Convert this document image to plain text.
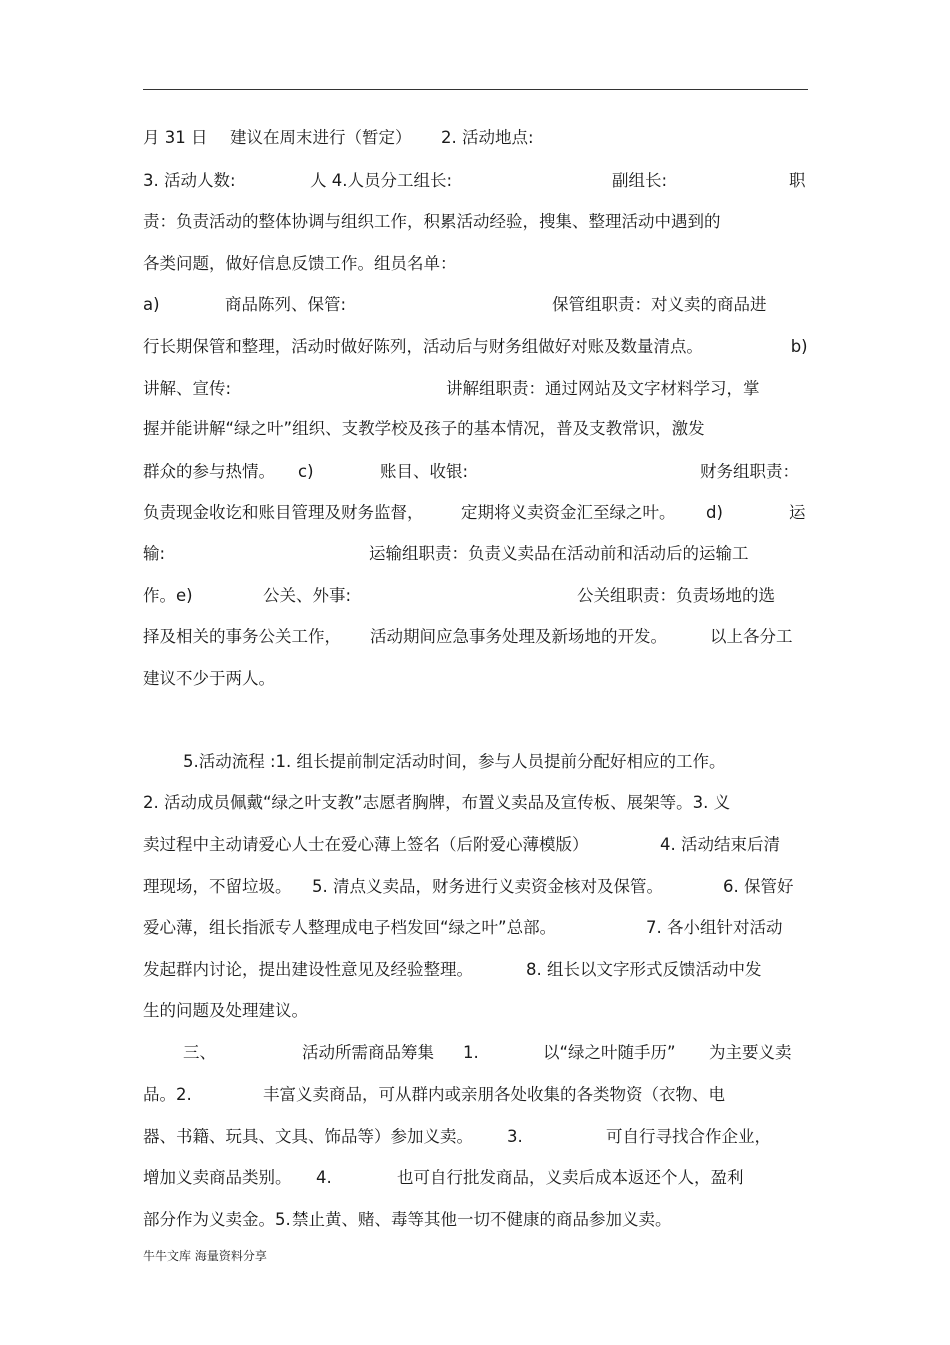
月 31 日 建议在周末进行（暂定） 2. 活动地点:
3. 活动人数:	人 4.人员分工组长:	副组长:	职
责：负责活动的整体协调与组织工作，积累活动经验，搜集、整理活动中遇到的
各类问题，做好信息反馈工作。组员名单：
a)	商品陈列、保管:	保管组职责：对义卖的商品进
行长期保管和整理，活动时做好陈列，活动后与财务组做好对账及数量清点。	b)
讲解、宣传:	讲解组职责：通过网站及文字材料学习，掌
握并能讲解“绿之叶”组织、支教学校及孩子的基本情况，普及支教常识，激发
群众的参与热情。 c)	账目、收银:	财务组职责：
负责现金收讫和账目管理及财务监督， 定期将义卖资金汇至绿之叶。 d)	运
输:	运输组职责：负责义卖品在活动前和活动后的运输工
作。e)	公关、外事:	公关组职责：负责场地的选
择及相关的事务公关工作， 活动期间应急事务处理及新场地的开发。	以上各分工
建议不少于两人。
5.活动流程 :1. 组长提前制定活动时间，参与人员提前分配好相应的工作。
2. 活动成员佩戴“绿之叶支教”志愿者胸牌，布置义卖品及宣传板、展架等。3. 义
卖过程中主动请爱心人士在爱心薄上签名（后附爱心薄模版）	4. 活动结束后清
理现场，不留垃圾。 5. 清点义卖品，财务进行义卖资金核对及保管。	6. 保管好
爱心薄，组长指派专人整理成电子档发回“绿之叶”总部。	7. 各小组针对活动
发起群内讨论，提出建设性意见及经验整理。	8. 组长以文字形式反馈活动中发
生的问题及处理建议。
三、	活动所需商品筹集 1.	以“绿之叶随手历” 为主要义卖
品。2.	丰富义卖商品，可从群内或亲朋各处收集的各类物资（衣物、电
器、书籍、玩具、文具、饰品等）参加义卖。 3.	可自行寻找合作企业，
增加义卖商品类别。 4.	也可自行批发商品，义卖后成本返还个人，盈利
部分作为义卖金。5. 禁止黄、赌、毒等其他一切不健康的商品参加义卖。
牛牛文库 海量资料分享
